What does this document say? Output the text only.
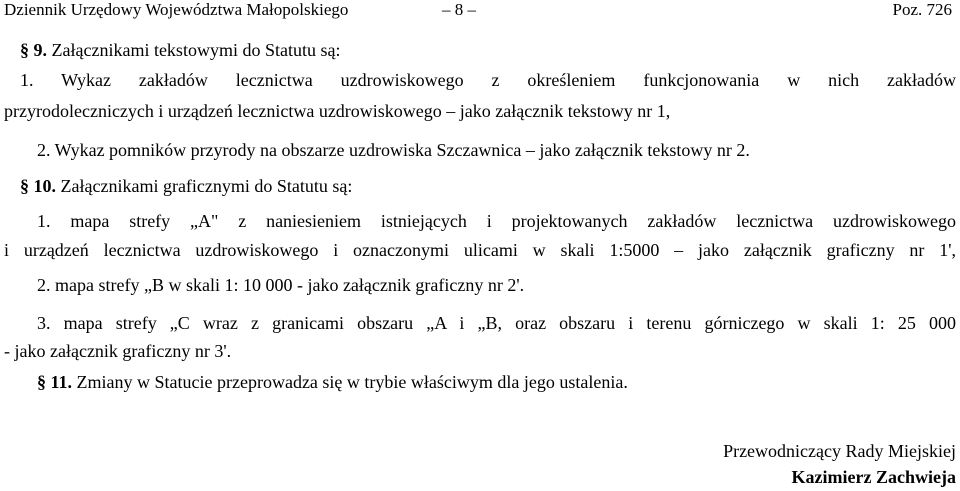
Dziennik Urzędowy Województwa Małopolskiego	– 8 –	Poz. 726
§ 9. Załącznikami tekstowymi do Statutu są:
1. Wykaz zakładów lecznictwa uzdrowiskowego z określeniem funkcjonowania w nich zakładów
przyrodoleczniczych i urządzeń lecznictwa uzdrowiskowego – jako załącznik tekstowy nr 1,
2. Wykaz pomników przyrody na obszarze uzdrowiska Szczawnica – jako załącznik tekstowy nr 2.
§ 10. Załącznikami graficznymi do Statutu są:
1. mapa strefy „A" z naniesieniem istniejących i projektowanych zakładów lecznictwa uzdrowiskowego
i urządzeń lecznictwa uzdrowiskowego i oznaczonymi ulicami w skali 1:5000 – jako załącznik graficzny nr 1',
2. mapa strefy „B w skali 1: 10 000 - jako załącznik graficzny nr 2'.
3. mapa strefy „C wraz z granicami obszaru „A i „B, oraz obszaru i terenu górniczego w skali 1: 25 000
- jako załącznik graficzny nr 3'.
§ 11. Zmiany w Statucie przeprowadza się w trybie właściwym dla jego ustalenia.
Przewodniczący Rady Miejskiej
Kazimierz Zachwieja
